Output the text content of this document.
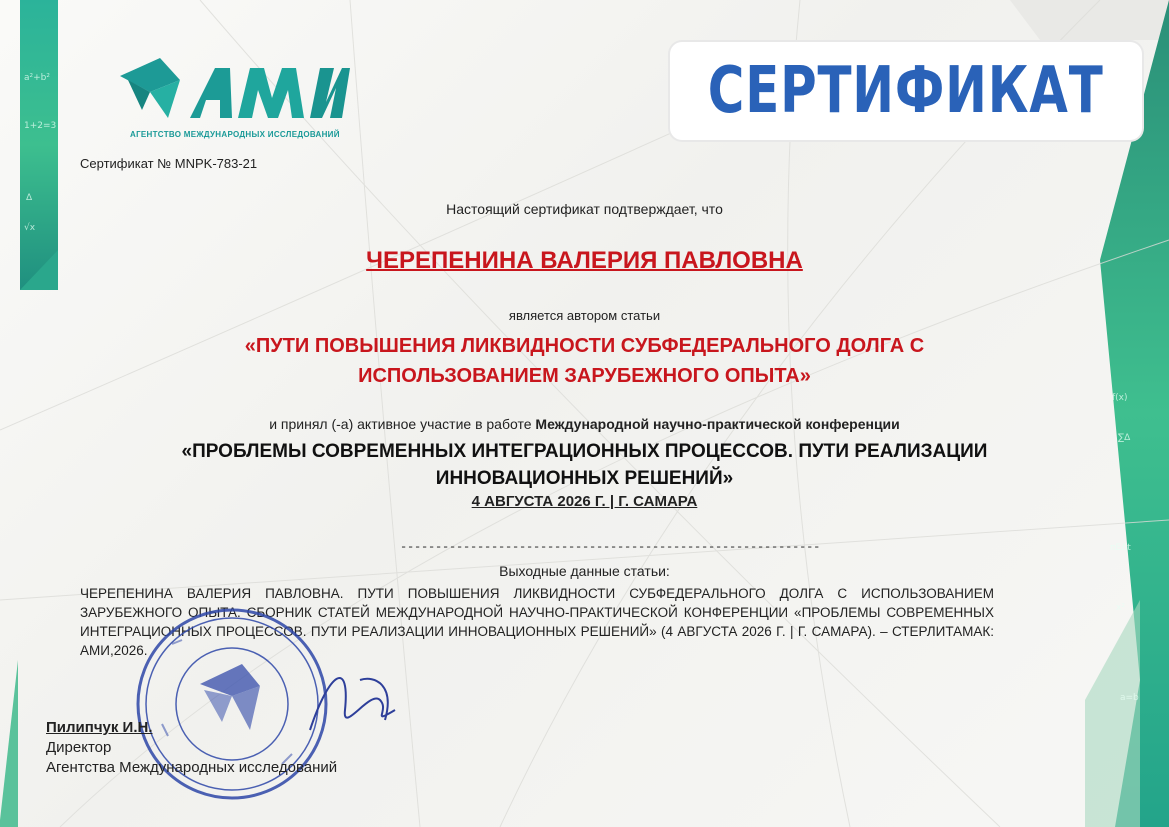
a²+b²
1+2=3
Δ
√x
f(x)
∑Δ
πEΔt
x²
a=b
АГЕНТСТВО МЕЖДУНАРОДНЫХ ИССЛЕДОВАНИЙ
СЕРТИФИКАТ
Сертификат № MNPK-783-21
Настоящий сертификат подтверждает, что
ЧЕРЕПЕНИНА ВАЛЕРИЯ ПАВЛОВНА
является автором статьи
«ПУТИ ПОВЫШЕНИЯ ЛИКВИДНОСТИ СУБФЕДЕРАЛЬНОГО ДОЛГА С
ИСПОЛЬЗОВАНИЕМ ЗАРУБЕЖНОГО ОПЫТА»
и принял (-а) активное участие в работе Международной научно-практической конференции
«ПРОБЛЕМЫ СОВРЕМЕННЫХ ИНТЕГРАЦИОННЫХ ПРОЦЕССОВ. ПУТИ РЕАЛИЗАЦИИ
ИННОВАЦИОННЫХ РЕШЕНИЙ»
4 АВГУСТА 2026 Г. | Г. САМАРА
------------------------------------------------------------
Выходные данные статьи:
ЧЕРЕПЕНИНА ВАЛЕРИЯ ПАВЛОВНА. ПУТИ ПОВЫШЕНИЯ ЛИКВИДНОСТИ СУБФЕДЕРАЛЬНОГО ДОЛГА С ИСПОЛЬЗОВАНИЕМ ЗАРУБЕЖНОГО ОПЫТА. СБОРНИК СТАТЕЙ МЕЖДУНАРОДНОЙ НАУЧНО-ПРАКТИЧЕСКОЙ КОНФЕРЕНЦИИ «ПРОБЛЕМЫ СОВРЕМЕННЫХ ИНТЕГРАЦИОННЫХ ПРОЦЕССОВ. ПУТИ РЕАЛИЗАЦИИ ИННОВАЦИОННЫХ РЕШЕНИЙ» (4 АВГУСТА 2026 Г. | Г. САМАРА). – СТЕРЛИТАМАК: АМИ,2026.
Пилипчук И.Н.
Директор
Агентства Международных исследований
